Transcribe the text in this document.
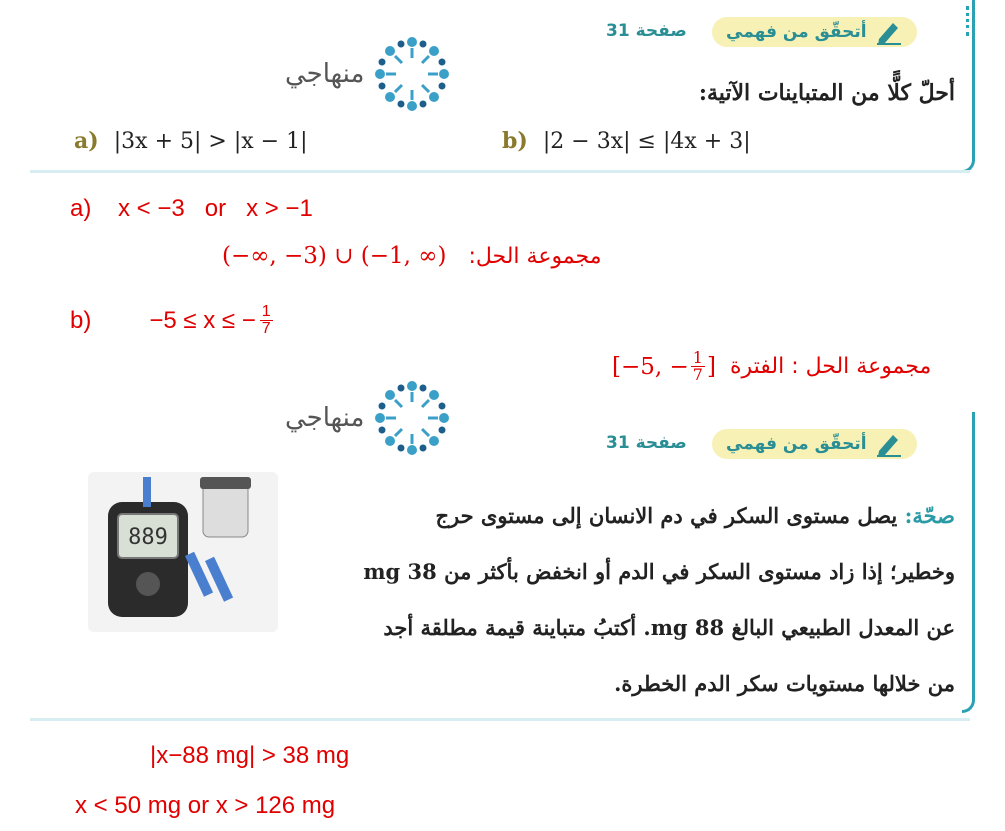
أتحقّق من فهمي
صفحة 31
منهاجي
أحلّ كلًّا من المتباينات الآتية:
a) |3x + 5| > |x − 1|	b) |2 − 3x| ≤ |4x + 3|
a) x < −3   or   x > −1
(−∞, −3) ∪ (−1, ∞) مجموعة الحل:
b) −5 ≤ x ≤ − $\frac{1}{7}$
[−5, − $\frac{1}{7}$ ] مجموعة الحل : الفترة
منهاجي
أتحقّق من فهمي
صفحة 31
889
صحّة: يصل مستوى السكر في دم الانسان إلى مستوى حرج
وخطير؛ إذا زاد مستوى السكر في الدم أو انخفض بأكثر من 38 mg
عن المعدل الطبيعي البالغ 88 mg. أكتبُ متباينة قيمة مطلقة أجد
من خلالها مستويات سكر الدم الخطرة.
|x−88 mg| > 38 mg
x < 50 mg or x > 126 mg
